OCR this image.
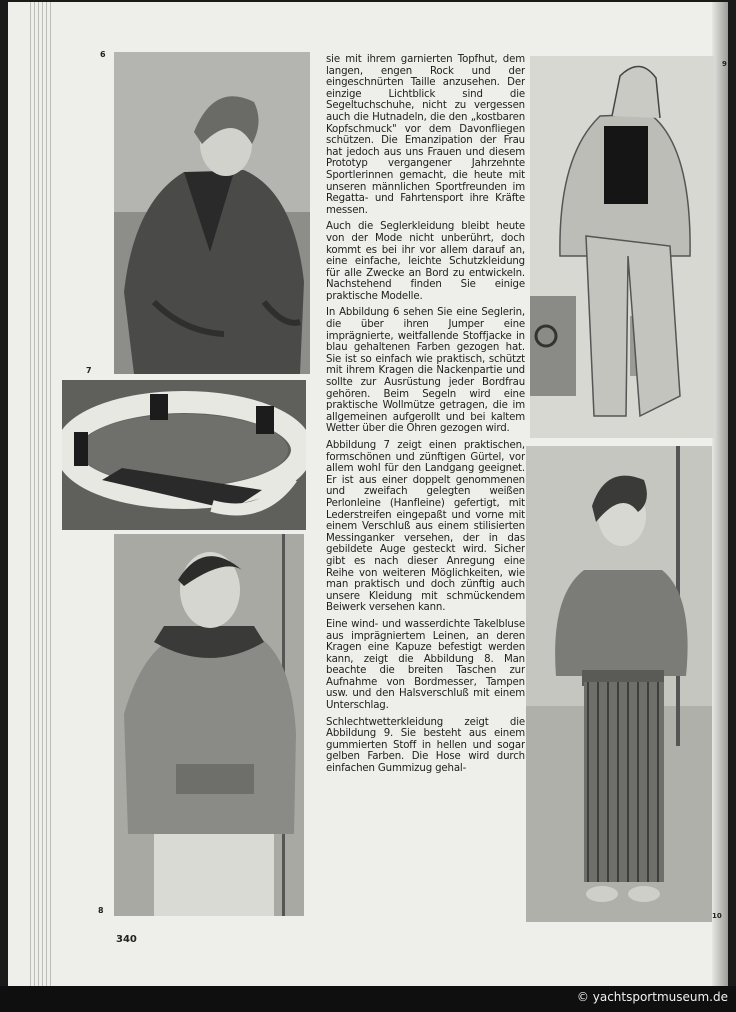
6
7
8
9
10

sie mit ihrem garnierten Topfhut, dem langen, engen Rock und der eingeschnürten Taille anzusehen. Der einzige Lichtblick sind die Segeltuchschuhe, nicht zu vergessen auch die Hutnadeln, die den „kostbaren Kopfschmuck" vor dem Davonfliegen schützen. Die Emanzipation der Frau hat jedoch aus uns Frauen und diesem Prototyp vergangener Jahrzehnte Sportlerinnen gemacht, die heute mit unseren männlichen Sportfreunden im Regatta- und Fahrtensport ihre Kräfte messen.

Auch die Seglerkleidung bleibt heute von der Mode nicht unberührt, doch kommt es bei ihr vor allem darauf an, eine einfache, leichte Schutzkleidung für alle Zwecke an Bord zu entwickeln. Nachstehend finden Sie einige praktische Modelle.

In Abbildung 6 sehen Sie eine Seglerin, die über ihren Jumper eine imprägnierte, weitfallende Stoffjacke in blau gehaltenen Farben gezogen hat. Sie ist so einfach wie praktisch, schützt mit ihrem Kragen die Nackenpartie und sollte zur Ausrüstung jeder Bordfrau gehören. Beim Segeln wird eine praktische Wollmütze getragen, die im allgemeinen aufgerollt und bei kaltem Wetter über die Ohren gezogen wird.

Abbildung 7 zeigt einen praktischen, formschönen und zünftigen Gürtel, vor allem wohl für den Landgang geeignet. Er ist aus einer doppelt genommenen und zweifach gelegten weißen Perlonleine (Hanfleine) gefertigt, mit Lederstreifen eingepaßt und vorne mit einem Verschluß aus einem stilisierten Messinganker versehen, der in das gebildete Auge gesteckt wird. Sicher gibt es nach dieser Anregung eine Reihe von weiteren Möglichkeiten, wie man praktisch und doch zünftig auch unsere Kleidung mit schmückendem Beiwerk versehen kann.

Eine wind- und wasserdichte Takelbluse aus imprägniertem Leinen, an deren Kragen eine Kapuze befestigt werden kann, zeigt die Abbildung 8. Man beachte die breiten Taschen zur Aufnahme von Bordmesser, Tampen usw. und den Halsverschluß mit einem Unterschlag.

Schlechtwetterkleidung zeigt die Abbildung 9. Sie besteht aus einem gummierten Stoff in hellen und sogar gelben Farben. Die Hose wird durch einfachen Gummizug gehal-

340
© yachtsportmuseum.de
